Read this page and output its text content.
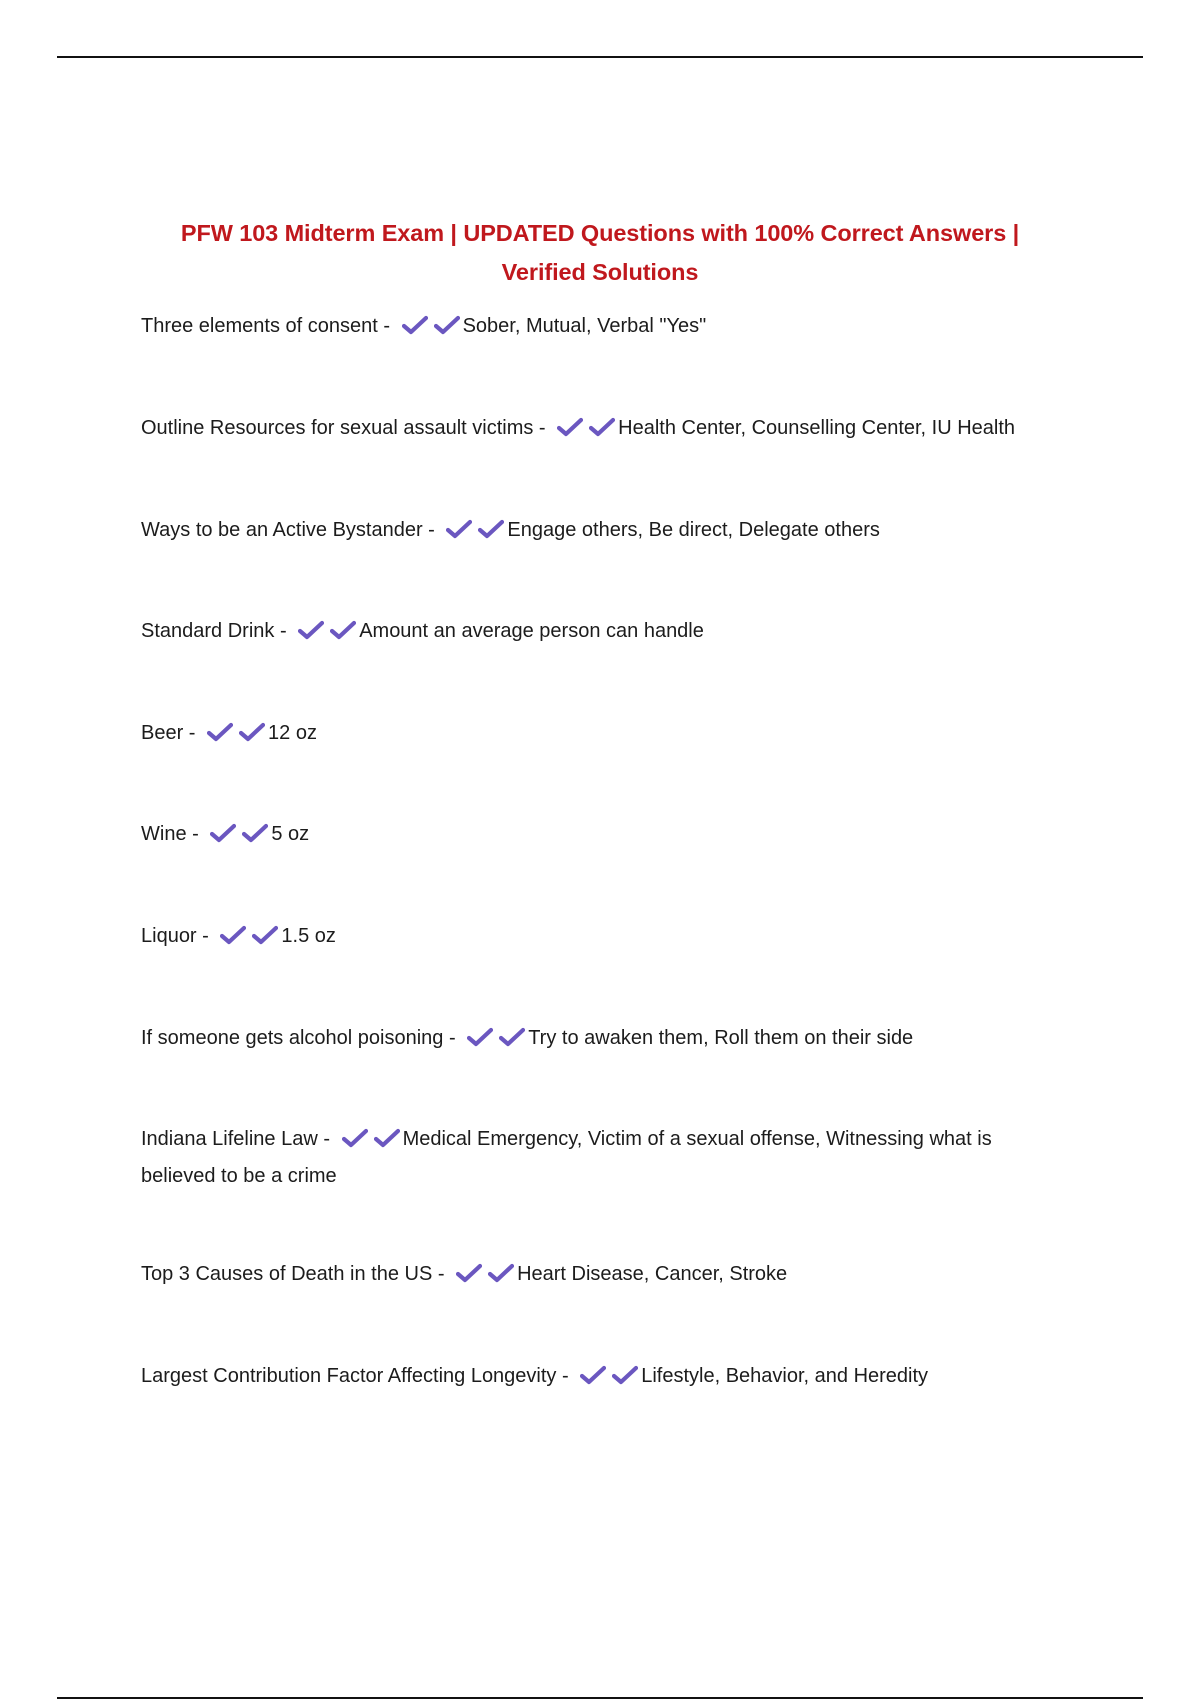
PFW 103 Midterm Exam | UPDATED Questions with 100% Correct Answers |
Verified Solutions
Three elements of consent -	Sober, Mutual, Verbal "Yes"
Outline Resources for sexual assault victims -	Health Center, Counselling Center, IU Health
Ways to be an Active Bystander -	Engage others, Be direct, Delegate others
Standard Drink -	Amount an average person can handle
Beer -	12 oz
Wine -	5 oz
Liquor -	1.5 oz
If someone gets alcohol poisoning -	Try to awaken them, Roll them on their side
Indiana Lifeline Law -	Medical Emergency, Victim of a sexual offense, Witnessing what is believed to be a crime
Top 3 Causes of Death in the US -	Heart Disease, Cancer, Stroke
Largest Contribution Factor Affecting Longevity -	Lifestyle, Behavior, and Heredity
